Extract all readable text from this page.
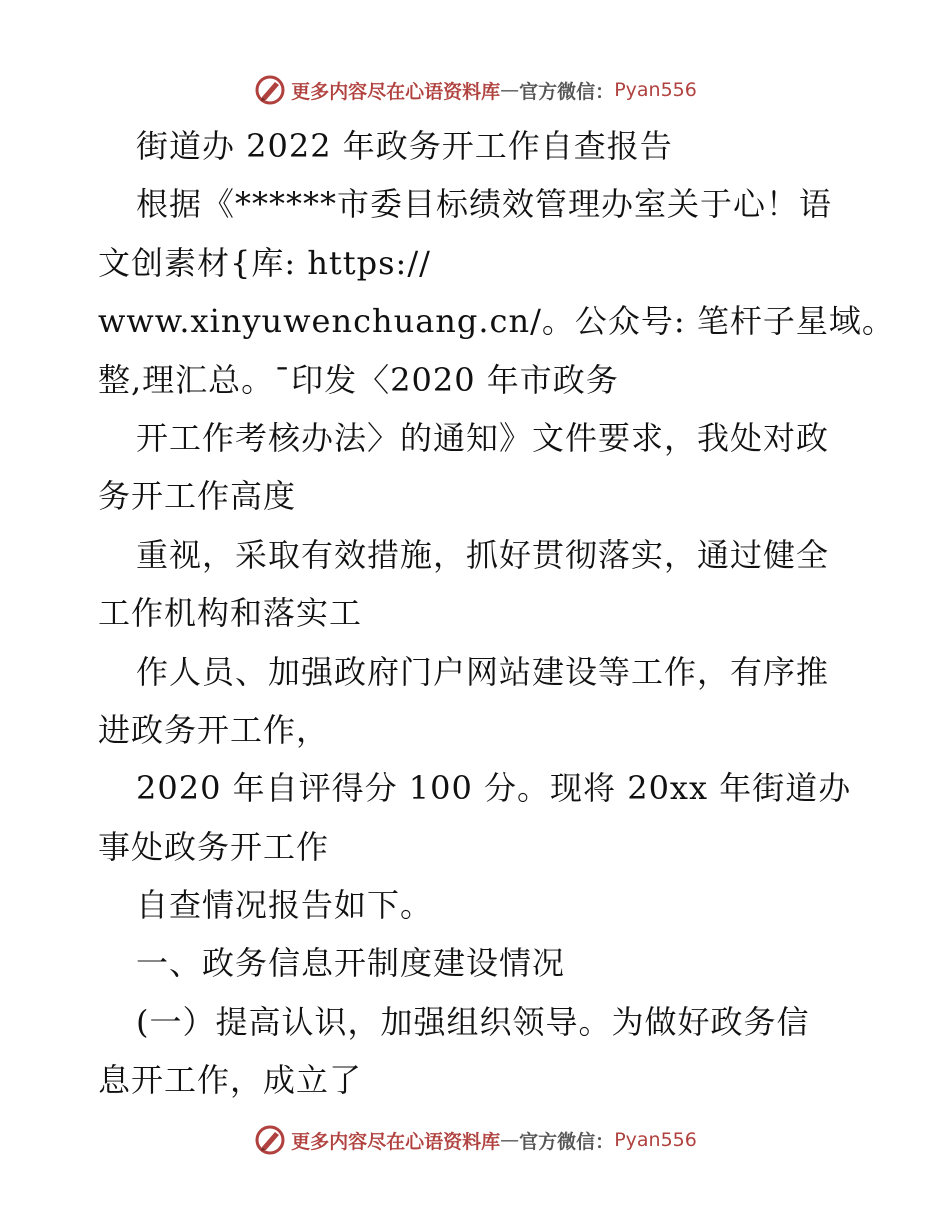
更多内容尽在心语资料库 — 官方微信： Pyan556
街道办 2022 年政务开工作自查报告
根据《******市委目标绩效管理办室关于心！语
文创素材{库: https://
www.xinyuwenchuang.cn/。公众号: 笔杆子星域。
整,理汇总。¯印发〈2020 年市政务
开工作考核办法〉的通知》文件要求，我处对政
务开工作高度
重视，采取有效措施，抓好贯彻落实，通过健全
工作机构和落实工
作人员、加强政府门户网站建设等工作，有序推
进政务开工作，
2020 年自评得分 100 分。现将 20xx 年街道办
事处政务开工作
自查情况报告如下。
一、政务信息开制度建设情况
(一）提高认识，加强组织领导。为做好政务信
息开工作，成立了
更多内容尽在心语资料库 — 官方微信： Pyan556
